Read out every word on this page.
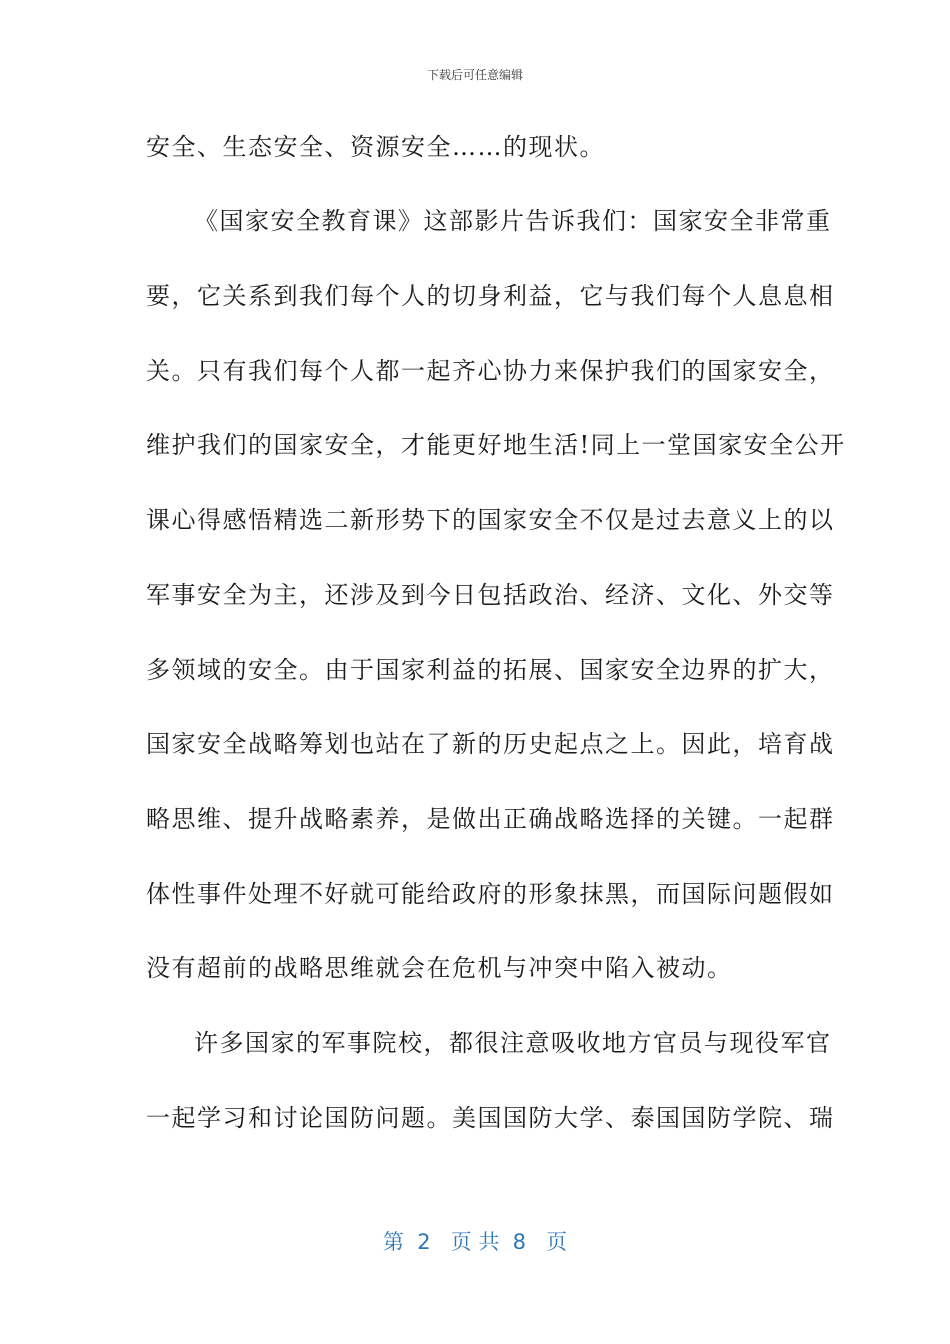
下载后可任意编辑
安全、生态安全、资源安全……的现状。
《国家安全教育课》这部影片告诉我们：国家安全非常重
要，它关系到我们每个人的切身利益，它与我们每个人息息相
关。只有我们每个人都一起齐心协力来保护我们的国家安全，
维护我们的国家安全，才能更好地生活!同上一堂国家安全公开
课心得感悟精选二新形势下的国家安全不仅是过去意义上的以
军事安全为主，还涉及到今日包括政治、经济、文化、外交等
多领域的安全。由于国家利益的拓展、国家安全边界的扩大，
国家安全战略筹划也站在了新的历史起点之上。因此，培育战
略思维、提升战略素养，是做出正确战略选择的关键。一起群
体性事件处理不好就可能给政府的形象抹黑，而国际问题假如
没有超前的战略思维就会在危机与冲突中陷入被动。
许多国家的军事院校，都很注意吸收地方官员与现役军官
一起学习和讨论国防问题。美国国防大学、泰国国防学院、瑞
第  2   页 共  8   页
